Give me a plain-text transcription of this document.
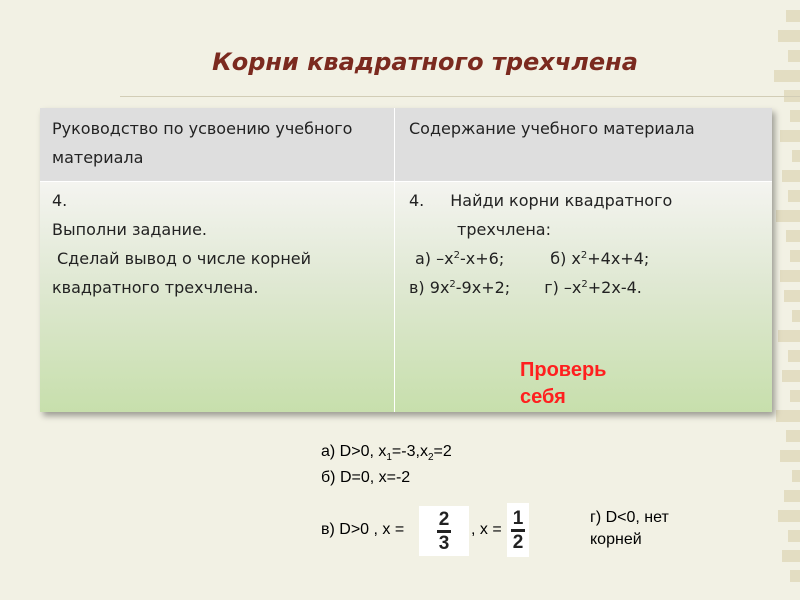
Корни квадратного трехчлена
Руководство по усвоению учебного
материала
Содержание учебного материала
4.
Выполни задание.
Сделай вывод о числе корней
квадратного трехчлена.
4. Найди корни квадратного
трехчлена:
а) $-x^2-x+6$;	б) $x^2+4x+4$;
в) $9x^2-9x+2$; г) $-x^2+2x-4$.
Проверь
себя
а) D>0, $x_1=-3,x_2=2$
б) D=0, x=-2
в) D>0 , x = 2
3
, x =
1
2
г) D<0, нет
корней
